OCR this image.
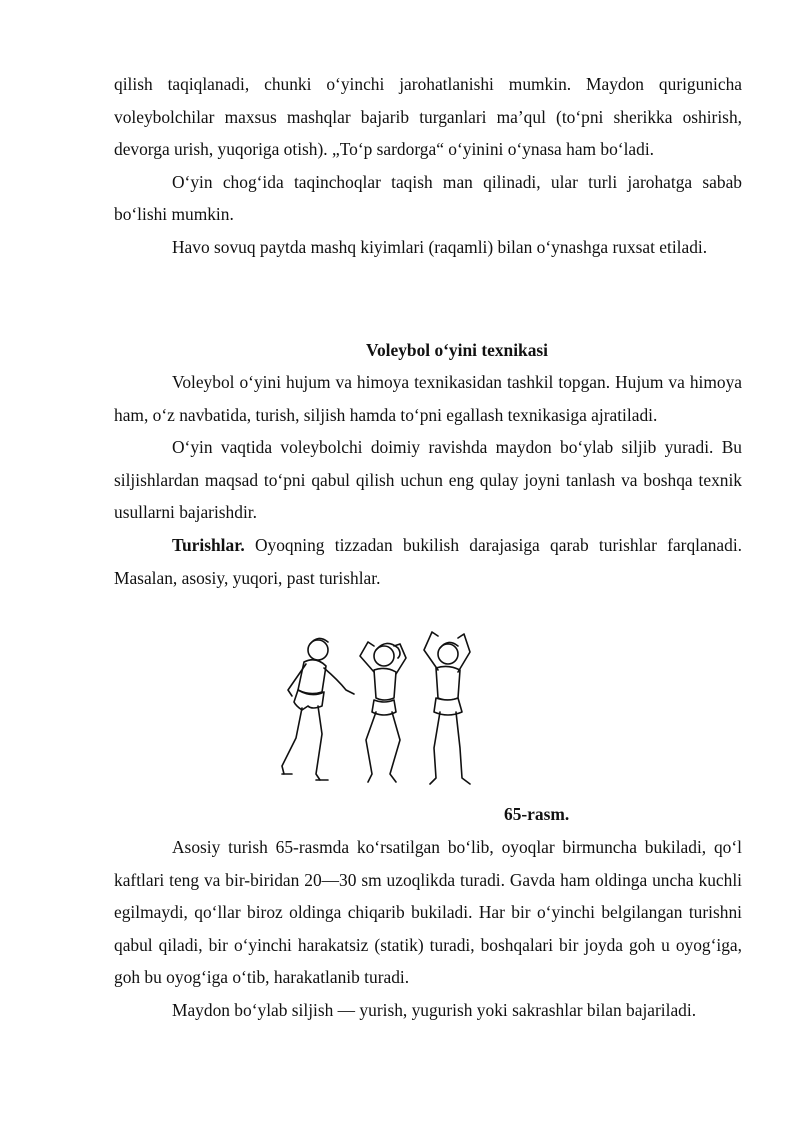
qilish taqiqlanadi, chunki o‘yinchi jarohatlanishi mumkin. Maydon qurigunicha voleybolchilar maxsus mashqlar bajarib turganlari ma’qul (to‘pni sherikka oshirish, devorga urish, yuqoriga otish). „To‘p sardorga“ o‘yinini o‘ynasa ham bo‘ladi.

O‘yin chog‘ida taqinchoqlar taqish man qilinadi, ular turli jarohatga sabab bo‘lishi mumkin.

Havo sovuq paytda mashq kiyimlari (raqamli) bilan o‘ynashga ruxsat etiladi.

Voleybol o‘yini texnikasi

Voleybol o‘yini hujum va himoya texnikasidan tashkil topgan. Hujum va himoya ham, o‘z navbatida, turish, siljish hamda to‘pni egallash texnikasiga ajratiladi.

O‘yin vaqtida voleybolchi doimiy ravishda maydon bo‘ylab siljib yuradi. Bu siljishlardan maqsad to‘pni qabul qilish uchun eng qulay joyni tanlash va boshqa texnik usullarni bajarishdir.

Turishlar. Oyoqning tizzadan bukilish darajasiga qarab turishlar farqlanadi. Masalan, asosiy, yuqori, past turishlar.

65-rasm.

Asosiy turish 65-rasmda ko‘rsatilgan bo‘lib, oyoqlar birmuncha bukiladi, qo‘l kaftlari teng va bir-biridan 20—30 sm uzoqlikda turadi. Gavda ham oldinga uncha kuchli egilmaydi, qo‘llar biroz oldinga chiqarib bukiladi. Har bir o‘yinchi belgilangan turishni qabul qiladi, bir o‘yinchi harakatsiz (statik) turadi, boshqalari bir joyda goh u oyog‘iga, goh bu oyog‘iga o‘tib, harakatlanib turadi.

Maydon bo‘ylab siljish — yurish, yugurish yoki sakrashlar bilan bajariladi.
